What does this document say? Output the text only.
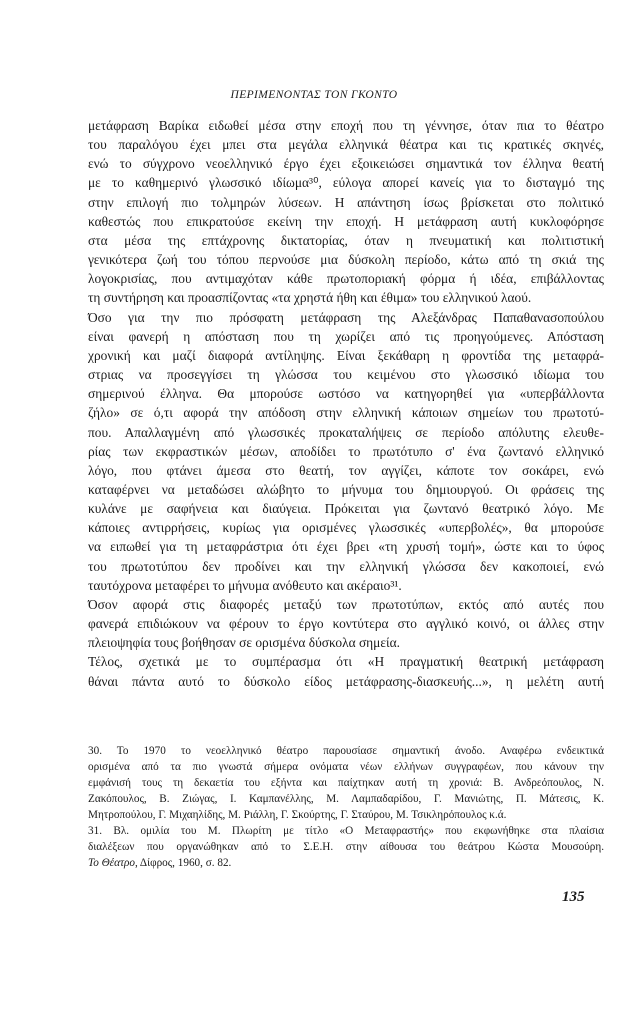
ΠΕΡΙΜΕΝΟΝΤΑΣ ΤΟΝ ΓΚΟΝΤΟ
μετάφραση Βαρίκα ειδωθεί μέσα στην εποχή που τη γέννησε, όταν πια το θέατρο
του παραλόγου έχει μπει στα μεγάλα ελληνικά θέατρα και τις κρατικές σκηνές,
ενώ το σύγχρονο νεοελληνικό έργο έχει εξοικειώσει σημαντικά τον έλληνα θεατή
με το καθημερινό γλωσσικό ιδίωμα³⁰, εύλογα απορεί κανείς για το δισταγμό της
στην επιλογή πιο τολμηρών λύσεων. Η απάντηση ίσως βρίσκεται στο πολιτικό
καθεστώς που επικρατούσε εκείνη την εποχή. Η μετάφραση αυτή κυκλοφόρησε
στα μέσα της επτάχρονης δικτατορίας, όταν η πνευματική και πολιτιστική
γενικότερα ζωή του τόπου περνούσε μια δύσκολη περίοδο, κάτω από τη σκιά της
λογοκρισίας, που αντιμαχόταν κάθε πρωτοποριακή φόρμα ή ιδέα, επιβάλλοντας
τη συντήρηση και προασπίζοντας «τα χρηστά ήθη και έθιμα» του ελληνικού λαού.
Όσο για την πιο πρόσφατη μετάφραση της Αλεξάνδρας Παπαθανασοπούλου
είναι φανερή η απόσταση που τη χωρίζει από τις προηγούμενες. Απόσταση
χρονική και μαζί διαφορά αντίληψης. Είναι ξεκάθαρη η φροντίδα της μεταφρά-
στριας να προσεγγίσει τη γλώσσα του κειμένου στο γλωσσικό ιδίωμα του
σημερινού έλληνα. Θα μπορούσε ωστόσο να κατηγορηθεί για «υπερβάλλοντα
ζήλο» σε ό,τι αφορά την απόδοση στην ελληνική κάποιων σημείων του πρωτοτύ-
που. Απαλλαγμένη από γλωσσικές προκαταλήψεις σε περίοδο απόλυτης ελευθε-
ρίας των εκφραστικών μέσων, αποδίδει το πρωτότυπο σ' ένα ζωντανό ελληνικό
λόγο, που φτάνει άμεσα στο θεατή, τον αγγίζει, κάποτε τον σοκάρει, ενώ
καταφέρνει να μεταδώσει αλώβητο το μήνυμα του δημιουργού. Οι φράσεις της
κυλάνε με σαφήνεια και διαύγεια. Πρόκειται για ζωντανό θεατρικό λόγο. Με
κάποιες αντιρρήσεις, κυρίως για ορισμένες γλωσσικές «υπερβολές», θα μπορούσε
να ειπωθεί για τη μεταφράστρια ότι έχει βρει «τη χρυσή τομή», ώστε και το ύφος
του πρωτοτύπου δεν προδίνει και την ελληνική γλώσσα δεν κακοποιεί, ενώ
ταυτόχρονα μεταφέρει το μήνυμα ανόθευτο και ακέραιο³¹.
Όσον αφορά στις διαφορές μεταξύ των πρωτοτύπων, εκτός από αυτές που
φανερά επιδιώκουν να φέρουν το έργο κοντύτερα στο αγγλικό κοινό, οι άλλες στην
πλειοψηφία τους βοήθησαν σε ορισμένα δύσκολα σημεία.
Τέλος, σχετικά με το συμπέρασμα ότι «Η πραγματική θεατρική μετάφραση
θάναι πάντα αυτό το δύσκολο είδος μετάφρασης-διασκευής...», η μελέτη αυτή
30. Το 1970 το νεοελληνικό θέατρο παρουσίασε σημαντική άνοδο. Αναφέρω ενδεικτικά
ορισμένα από τα πιο γνωστά σήμερα ονόματα νέων ελλήνων συγγραφέων, που κάνουν την
εμφάνισή τους τη δεκαετία του εξήντα και παίχτηκαν αυτή τη χρονιά: Β. Ανδρεόπουλος, Ν.
Ζακόπουλος, Β. Ζιώγας, Ι. Καμπανέλλης, Μ. Λαμπαδαρίδου, Γ. Μανιώτης, Π. Μάτεσις, Κ.
Μητροπούλου, Γ. Μιχαηλίδης, Μ. Ριάλλη, Γ. Σκούρτης, Γ. Σταύρου, Μ. Τσικληρόπουλος κ.ά.
31. Βλ. ομιλία του Μ. Πλωρίτη με τίτλο «Ο Μεταφραστής» που εκφωνήθηκε στα πλαίσια
διαλέξεων που οργανώθηκαν από το Σ.Ε.Η. στην αίθουσα του θεάτρου Κώστα Μουσούρη.
Το Θέατρο, Δίφρος, 1960, σ. 82.
135
